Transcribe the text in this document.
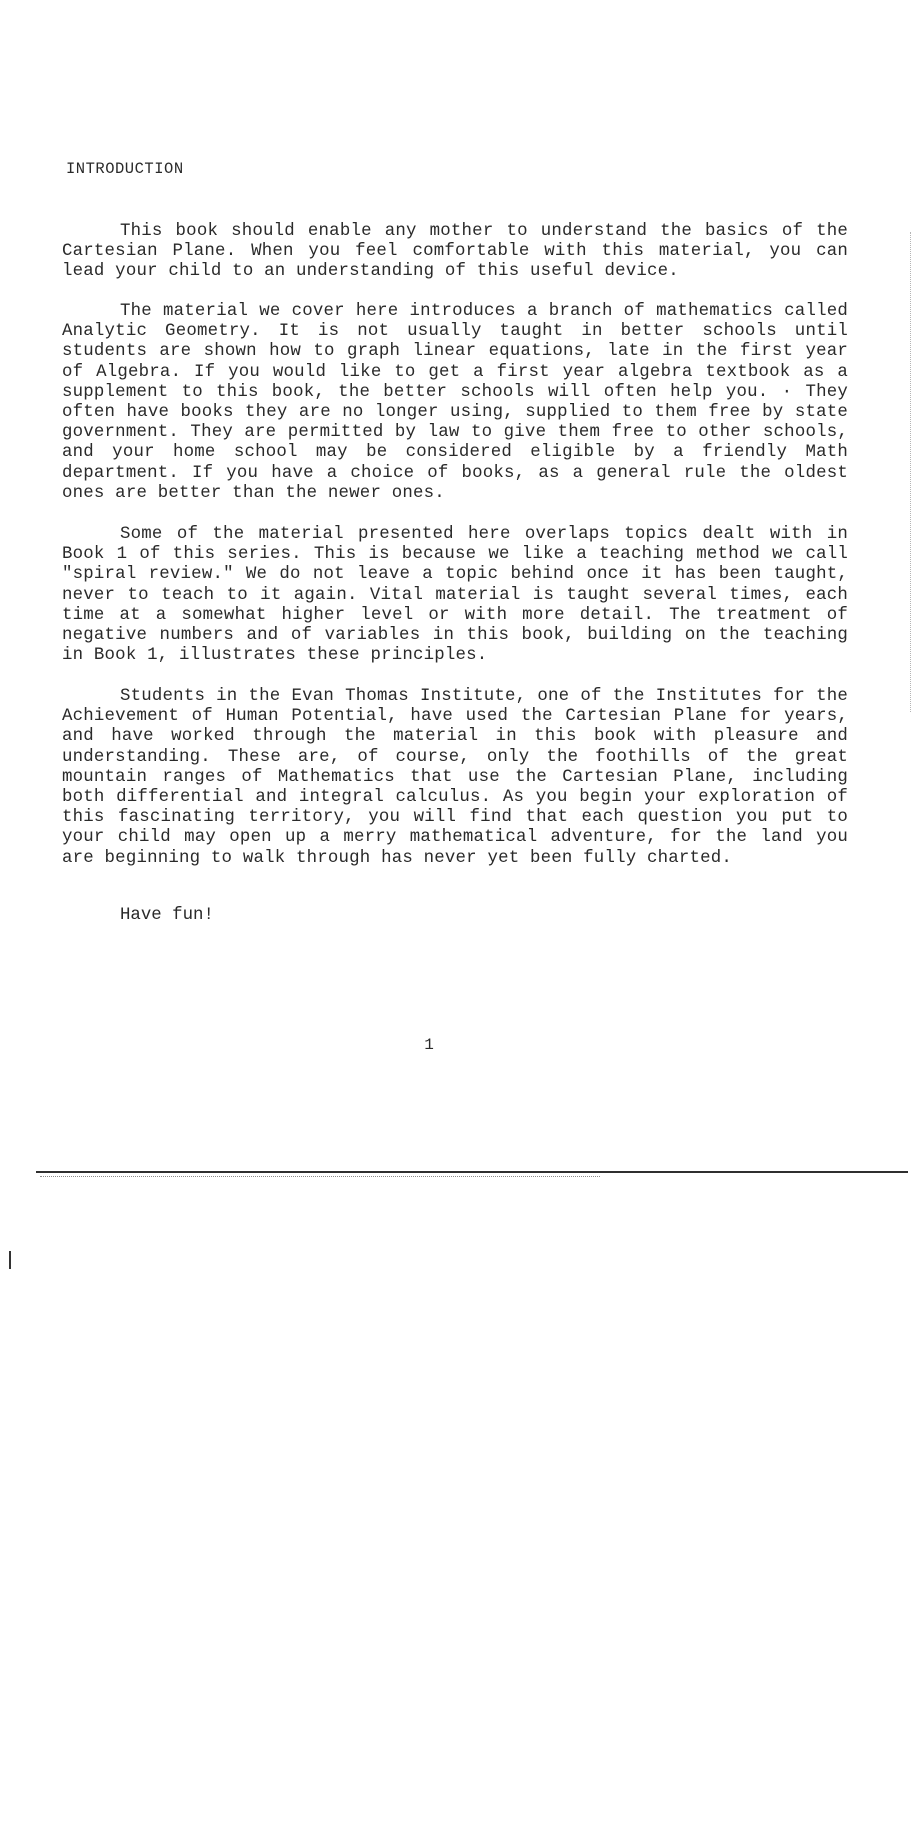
INTRODUCTION

This book should enable any mother to understand the basics of the Cartesian Plane. When you feel comfortable with this material, you can lead your child to an understanding of this useful device.

The material we cover here introduces a branch of mathematics called Analytic Geometry. It is not usually taught in better schools until students are shown how to graph linear equations, late in the first year of Algebra. If you would like to get a first year algebra textbook as a supplement to this book, the better schools will often help you. · They often have books they are no longer using, supplied to them free by state government. They are permitted by law to give them free to other schools, and your home school may be considered eligible by a friendly Math department. If you have a choice of books, as a general rule the oldest ones are better than the newer ones.

Some of the material presented here overlaps topics dealt with in Book 1 of this series. This is because we like a teaching method we call "spiral review." We do not leave a topic behind once it has been taught, never to teach to it again. Vital material is taught several times, each time at a somewhat higher level or with more detail. The treatment of negative numbers and of variables in this book, building on the teaching in Book 1, illustrates these principles.

Students in the Evan Thomas Institute, one of the Institutes for the Achievement of Human Potential, have used the Cartesian Plane for years, and have worked through the material in this book with pleasure and understanding. These are, of course, only the foothills of the great mountain ranges of Mathematics that use the Cartesian Plane, including both differential and integral calculus. As you begin your exploration of this fascinating territory, you will find that each question you put to your child may open up a merry mathematical adventure, for the land you are beginning to walk through has never yet been fully charted.

Have fun!
1
